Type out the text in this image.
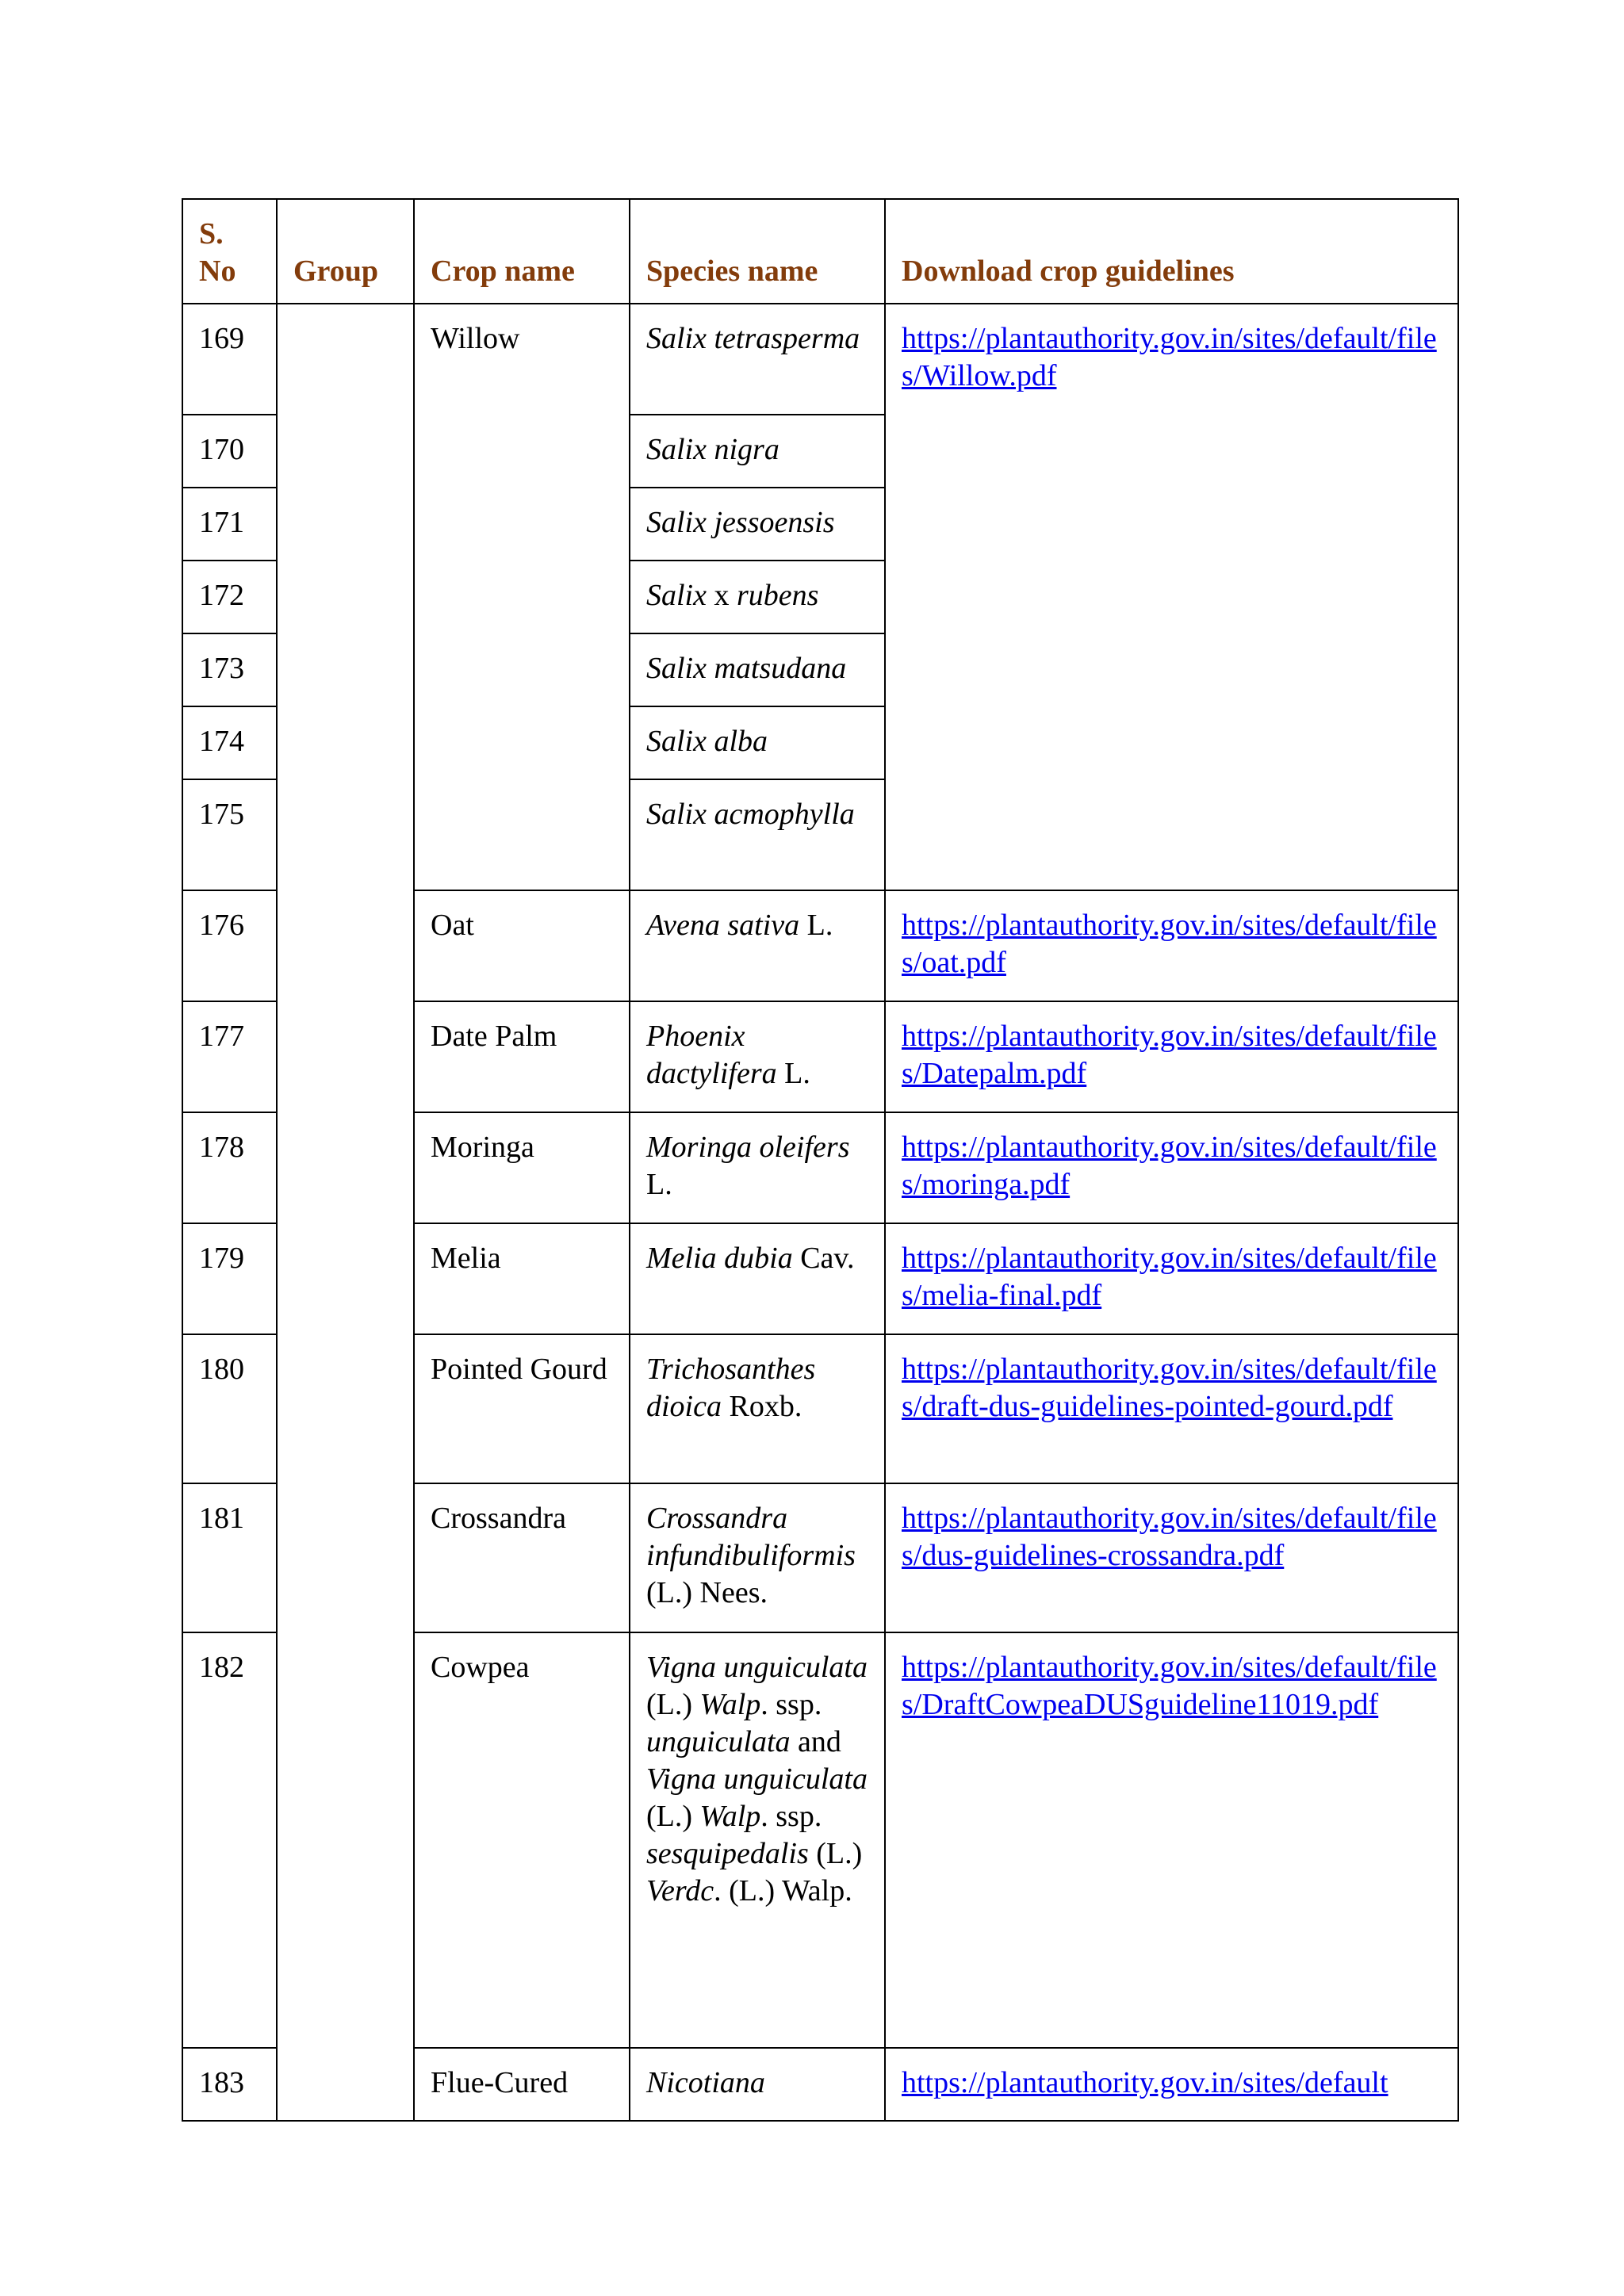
S. No	Group	Crop name	Species name	Download crop guidelines
169		Willow	Salix tetrasperma	https://plantauthority.gov.in/sites/default/files/Willow.pdf
170			Salix nigra	
171			Salix jessoensis	
172			Salix x rubens	
173			Salix matsudana	
174			Salix alba	
175			Salix acmophylla	
176		Oat	Avena sativa L.	https://plantauthority.gov.in/sites/default/files/oat.pdf
177		Date Palm	Phoenix dactylifera L.	https://plantauthority.gov.in/sites/default/files/Datepalm.pdf
178		Moringa	Moringa oleifers L.	https://plantauthority.gov.in/sites/default/files/moringa.pdf
179		Melia	Melia dubia Cav.	https://plantauthority.gov.in/sites/default/files/melia-final.pdf
180		Pointed Gourd	Trichosanthes dioica Roxb.	https://plantauthority.gov.in/sites/default/files/draft-dus-guidelines-pointed-gourd.pdf
181		Crossandra	Crossandra infundibuliformis (L.) Nees.	https://plantauthority.gov.in/sites/default/files/dus-guidelines-crossandra.pdf
182		Cowpea	Vigna unguiculata (L.) Walp. ssp. unguiculata and Vigna unguiculata (L.) Walp. ssp. sesquipedalis (L.) Verdc. (L.) Walp.	https://plantauthority.gov.in/sites/default/files/DraftCowpeaDUSguideline11019.pdf
183		Flue-Cured	Nicotiana	https://plantauthority.gov.in/sites/default
